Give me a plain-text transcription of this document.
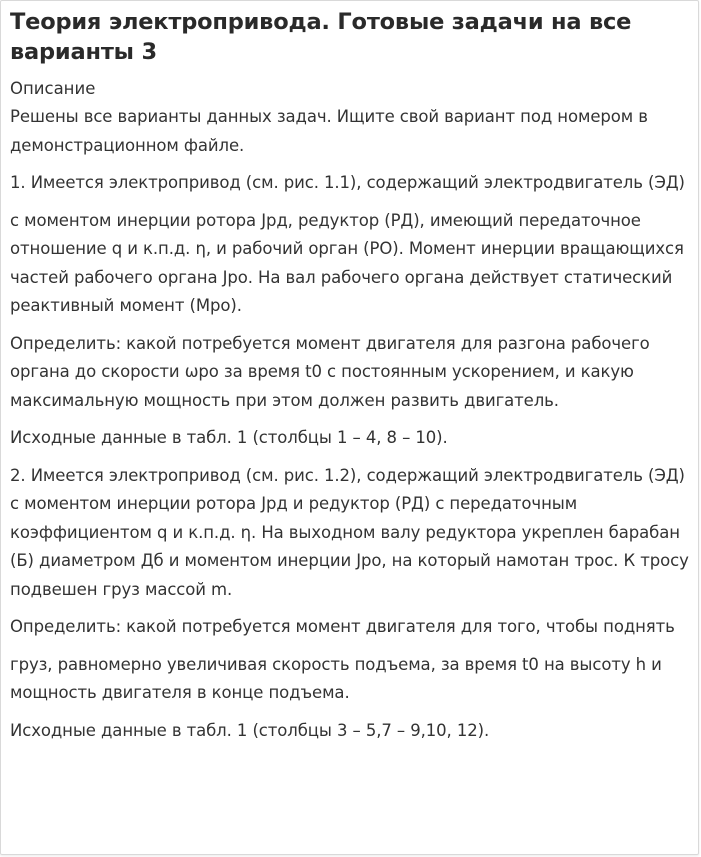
Теория электропривода. Готовые задачи на все варианты 3
Описание

Решены все варианты данных задач. Ищите свой вариант под номером в демонстрационном файле.

1. Имеется электропривод (см. рис. 1.1), содержащий электродвигатель (ЭД)

с моментом инерции ротора Jрд, редуктор (РД), имеющий передаточное отношение q и к.п.д. η, и рабочий орган (РО). Момент инерции вращающихся частей рабочего органа Jро. На вал рабочего органа действует статический реактивный момент (Мро).

Определить: какой потребуется момент двигателя для разгона рабочего органа до скорости ωро за время t0 с постоянным ускорением, и какую максимальную мощность при этом должен развить двигатель.

Исходные данные в табл. 1 (столбцы 1 – 4, 8 – 10).

2. Имеется электропривод (см. рис. 1.2), содержащий электродвигатель (ЭД) с моментом инерции ротора Jрд и редуктор (РД) с передаточным коэффициентом q и к.п.д. η. На выходном валу редуктора укреплен барабан (Б) диаметром Дб и моментом инерции Jро, на который намотан трос. К тросу подвешен груз массой m.

Определить: какой потребуется момент двигателя для того, чтобы поднять

груз, равномерно увеличивая скорость подъема, за время t0 на высоту h и мощность двигателя в конце подъема.

Исходные данные в табл. 1 (столбцы 3 – 5,7 – 9,10, 12).
